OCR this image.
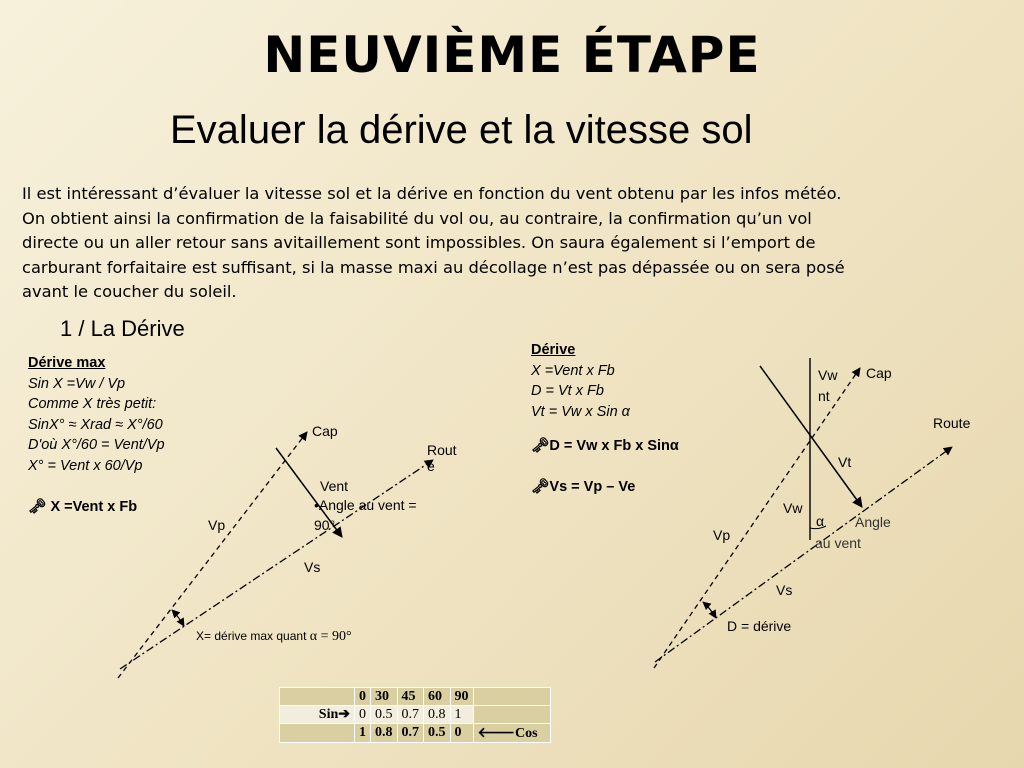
NEUVIÈME ÉTAPE
Evaluer la dérive et la vitesse sol
Il est intéressant d’évaluer la vitesse sol et la dérive en fonction du vent obtenu par les infos météo.
On obtient ainsi la confirmation de la faisabilité du vol ou, au contraire, la confirmation qu’un vol
directe ou un aller retour sans avitaillement sont impossibles. On saura également si l’emport de
carburant forfaitaire est suffisant, si la masse maxi au décollage n’est pas dépassée ou on sera posé
avant le coucher du soleil.
1 / La Dérive
Dérive max
Sin X =Vw / Vp
Comme X très petit:
SinX° ≈ Xrad ≈ X°/60
D'où X°/60 = Vent/Vp
X° = Vent x 60/Vp
🗝 X =Vent x Fb
Dérive
X =Vent x Fb
D = Vt x Fb
Vt = Vw x Sin α
🗝D = Vw x Fb x Sinα
🗝Vs = Vp – Ve
Cap
Rout
e
Vent
•Angle au vent =
90°
Vp
Vs
X= dérive max quant α = 90°
Vw
nt
Cap
Route
Vt
Vw
α Angle
au vent
Vp
Vs
D = dérive
	0	30	45	60	90	
Sin➔	0	0.5	0.7	0.8	1	
	1	0.8	0.7	0.5	0	🡐Cos
